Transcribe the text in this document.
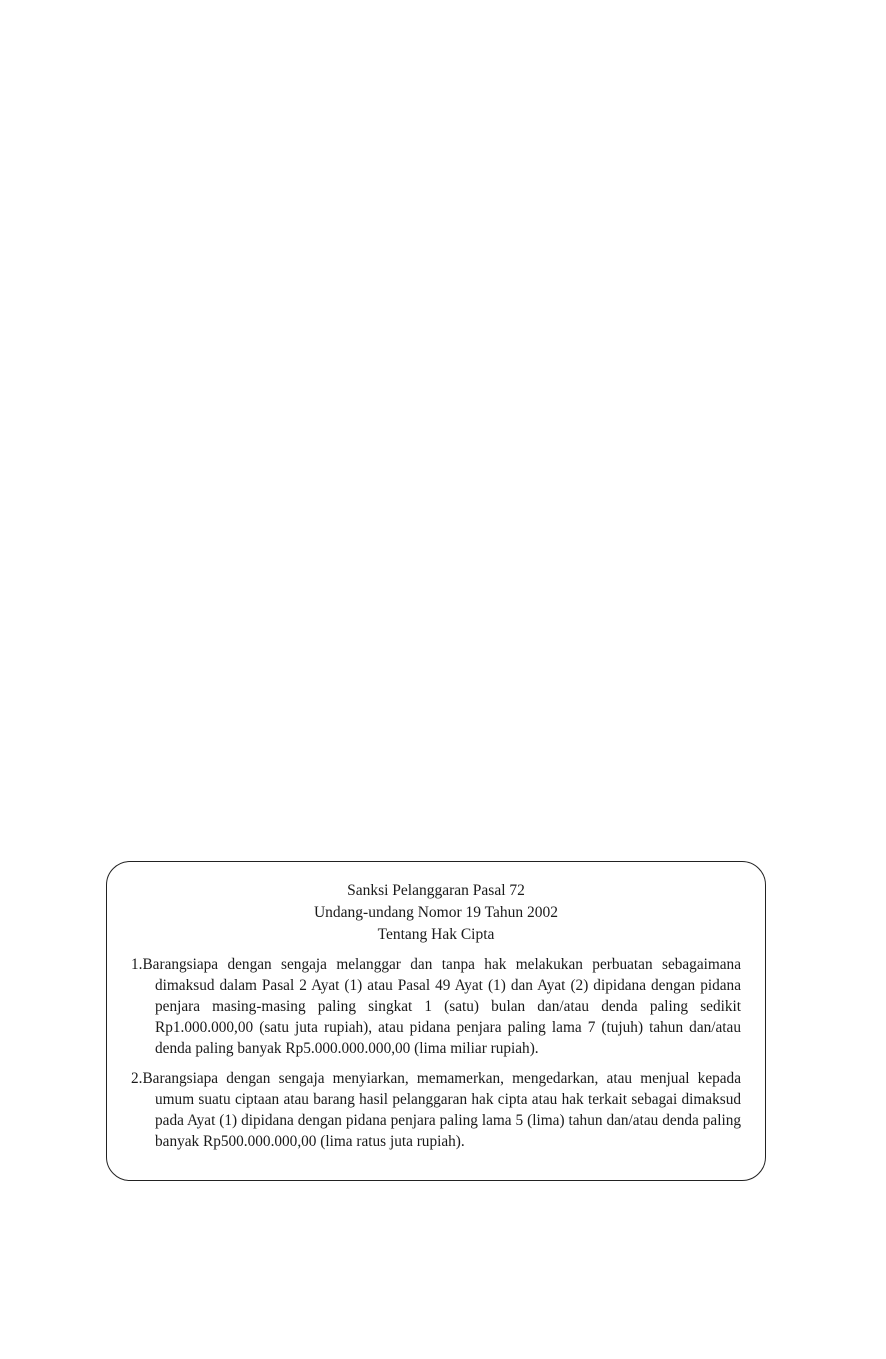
Sanksi Pelanggaran Pasal 72
Undang-undang Nomor 19 Tahun 2002
Tentang Hak Cipta
1.Barangsiapa dengan sengaja melanggar dan tanpa hak melakukan perbuatan sebagaimana dimaksud dalam Pasal 2 Ayat (1) atau Pasal 49 Ayat (1) dan Ayat (2) dipidana dengan pidana penjara masing-masing paling singkat 1 (satu) bulan dan/atau denda paling sedikit Rp1.000.000,00 (satu juta rupiah), atau pidana penjara paling lama 7 (tujuh) tahun dan/atau denda paling banyak Rp5.000.000.000,00 (lima miliar rupiah).
2.Barangsiapa dengan sengaja menyiarkan, memamerkan, mengedarkan, atau menjual kepada umum suatu ciptaan atau barang hasil pelanggaran hak cipta atau hak terkait sebagai dimaksud pada Ayat (1) dipidana dengan pidana penjara paling lama 5 (lima) tahun dan/atau denda paling banyak Rp500.000.000,00 (lima ratus juta rupiah).
